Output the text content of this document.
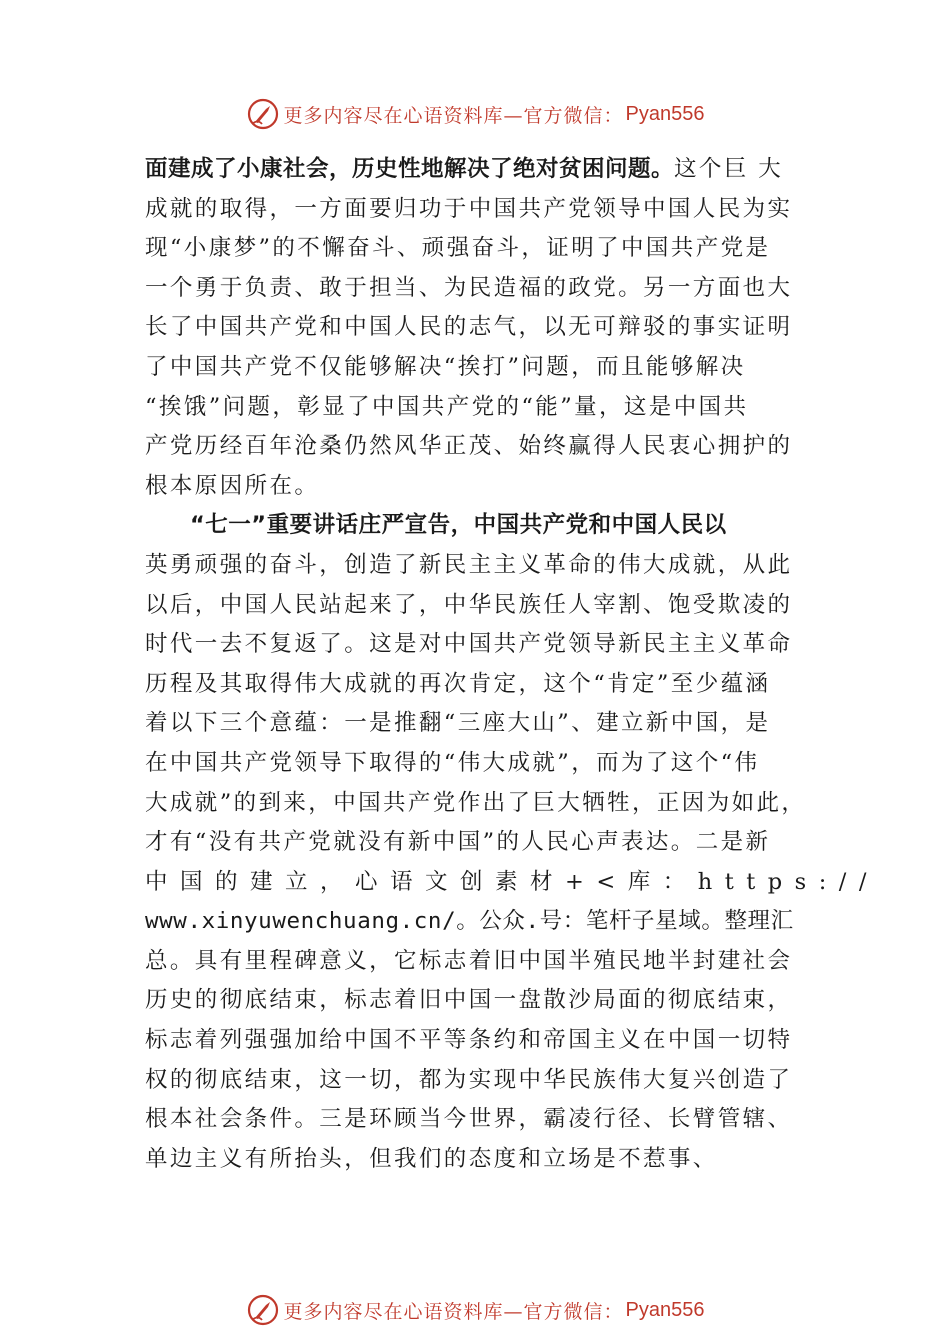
更多内容尽在心语资料库—官方微信： Pyan556
面建成了小康社会，历史性地解决了绝对贫困问题。这个巨 大
成就的取得，一方面要归功于中国共产党领导中国人民为实
现“小康梦”的不懈奋斗、顽强奋斗，证明了中国共产党是
一个勇于负责、敢于担当、为民造福的政党。另一方面也大
长了中国共产党和中国人民的志气，以无可辩驳的事实证明
了中国共产党不仅能够解决“挨打”问题，而且能够解决
“挨饿”问题，彰显了中国共产党的“能”量，这是中国共
产党历经百年沧桑仍然风华正茂、始终赢得人民衷心拥护的
根本原因所在。
“七一”重要讲话庄严宣告，中国共产党和中国人民以
英勇顽强的奋斗，创造了新民主主义革命的伟大成就，从此
以后，中国人民站起来了，中华民族任人宰割、饱受欺凌的
时代一去不复返了。这是对中国共产党领导新民主主义革命
历程及其取得伟大成就的再次肯定，这个“肯定”至少蕴涵
着以下三个意蕴：一是推翻“三座大山”、建立新中国，是
在中国共产党领导下取得的“伟大成就”，而为了这个“伟
大成就”的到来，中国共产党作出了巨大牺牲，正因为如此，
才有“没有共产党就没有新中国”的人民心声表达。二是新
中国的建立，心语文创素材+<库：https://
www.xinyuwenchuang.cn/。公众.号：笔杆子星域。整理汇
总。具有里程碑意义，它标志着旧中国半殖民地半封建社会
历史的彻底结束，标志着旧中国一盘散沙局面的彻底结束，
标志着列强强加给中国不平等条约和帝国主义在中国一切特
权的彻底结束，这一切，都为实现中华民族伟大复兴创造了
根本社会条件。三是环顾当今世界，霸凌行径、长臂管辖、
单边主义有所抬头，但我们的态度和立场是不惹事、
更多内容尽在心语资料库—官方微信： Pyan556
